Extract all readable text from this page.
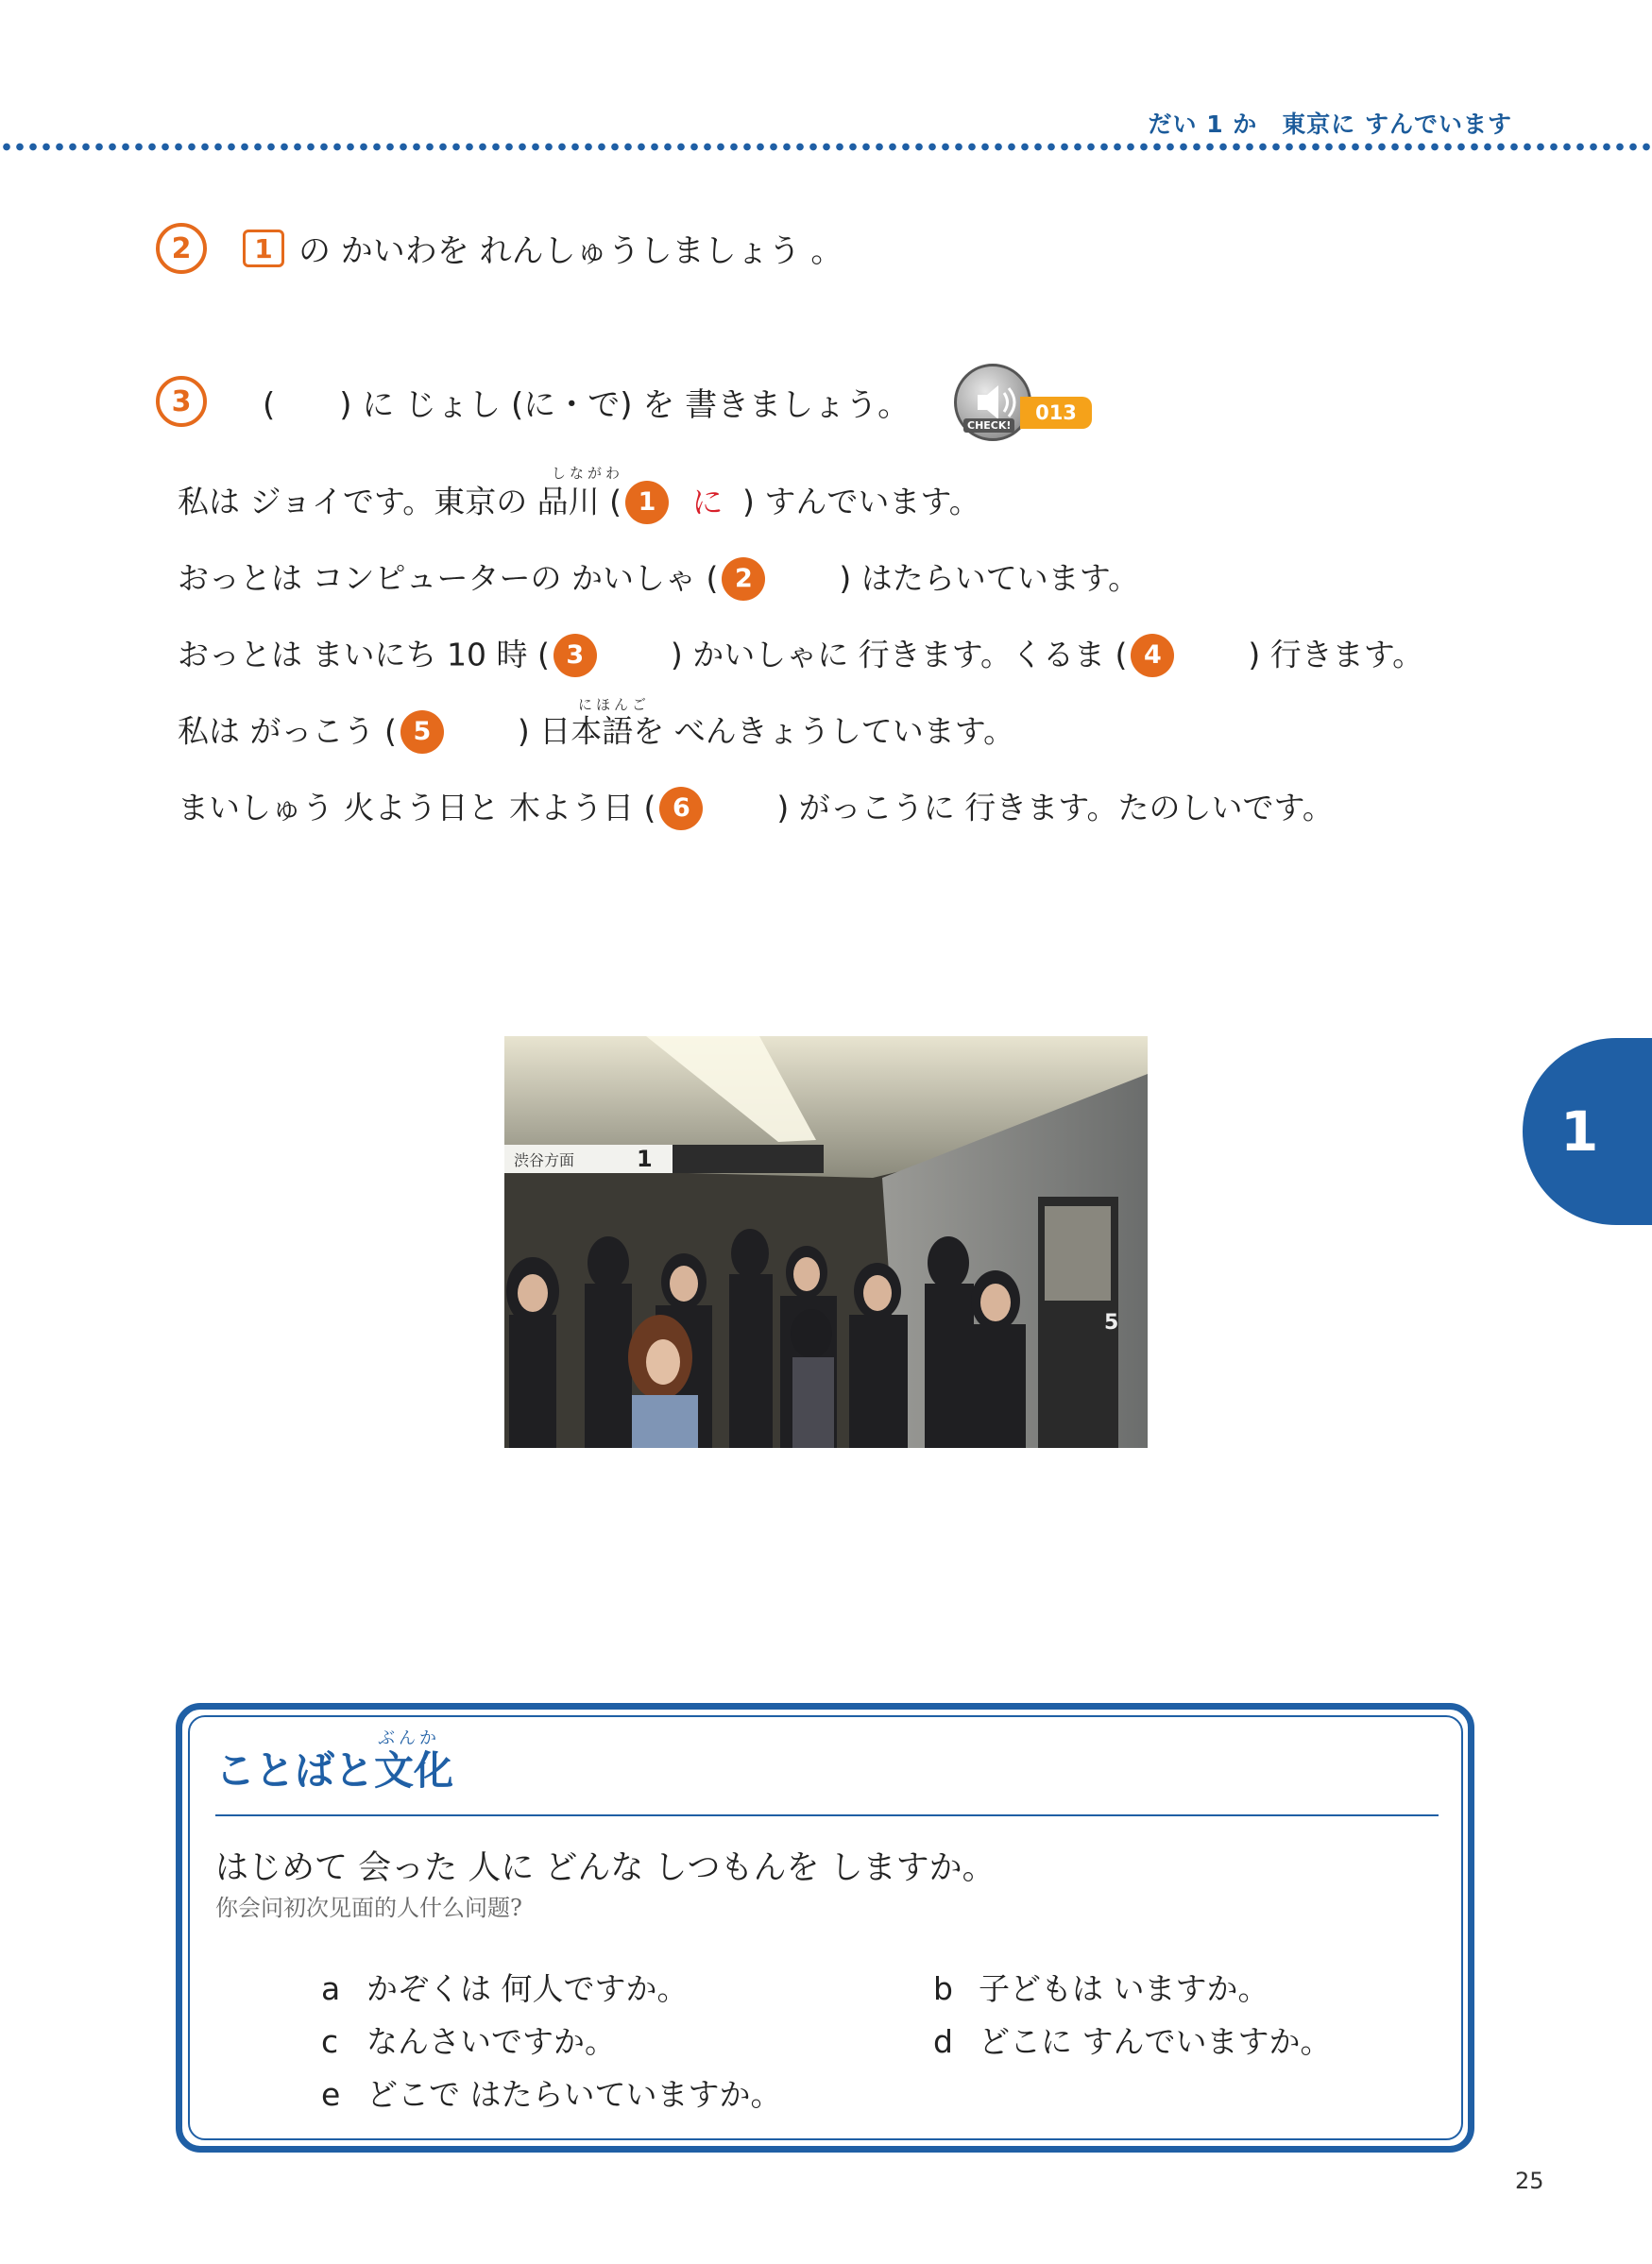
だい 1 か　東京に すんでいます
2	1 の かいわを れんしゅうしましょう 。
3	(　　) に じょし (に・で) を 書きましょう。
CHECK!
013
しながわ
私は ジョイです。東京の 品川 ( 1 に ) すんでいます。
おっとは コンピューターの かいしゃ ( 2	) はたらいています。
おっとは まいにち 10 時 ( 3	) かいしゃに 行きます。くるま ( 4	) 行きます。
にほんご
私は がっこう ( 5	) 日本語を べんきょうしています。
まいしゅう 火よう日と 木よう日 ( 6	) がっこうに 行きます。たのしいです。
渋谷方面	1
5
1
ぶんか
ことばと文化
はじめて 会った 人に どんな しつもんを しますか。
你会问初次见面的人什么问题?
a かぞくは 何人ですか。	b 子どもは いますか。
c なんさいですか。	d どこに すんでいますか。
e どこで はたらいていますか。
25
